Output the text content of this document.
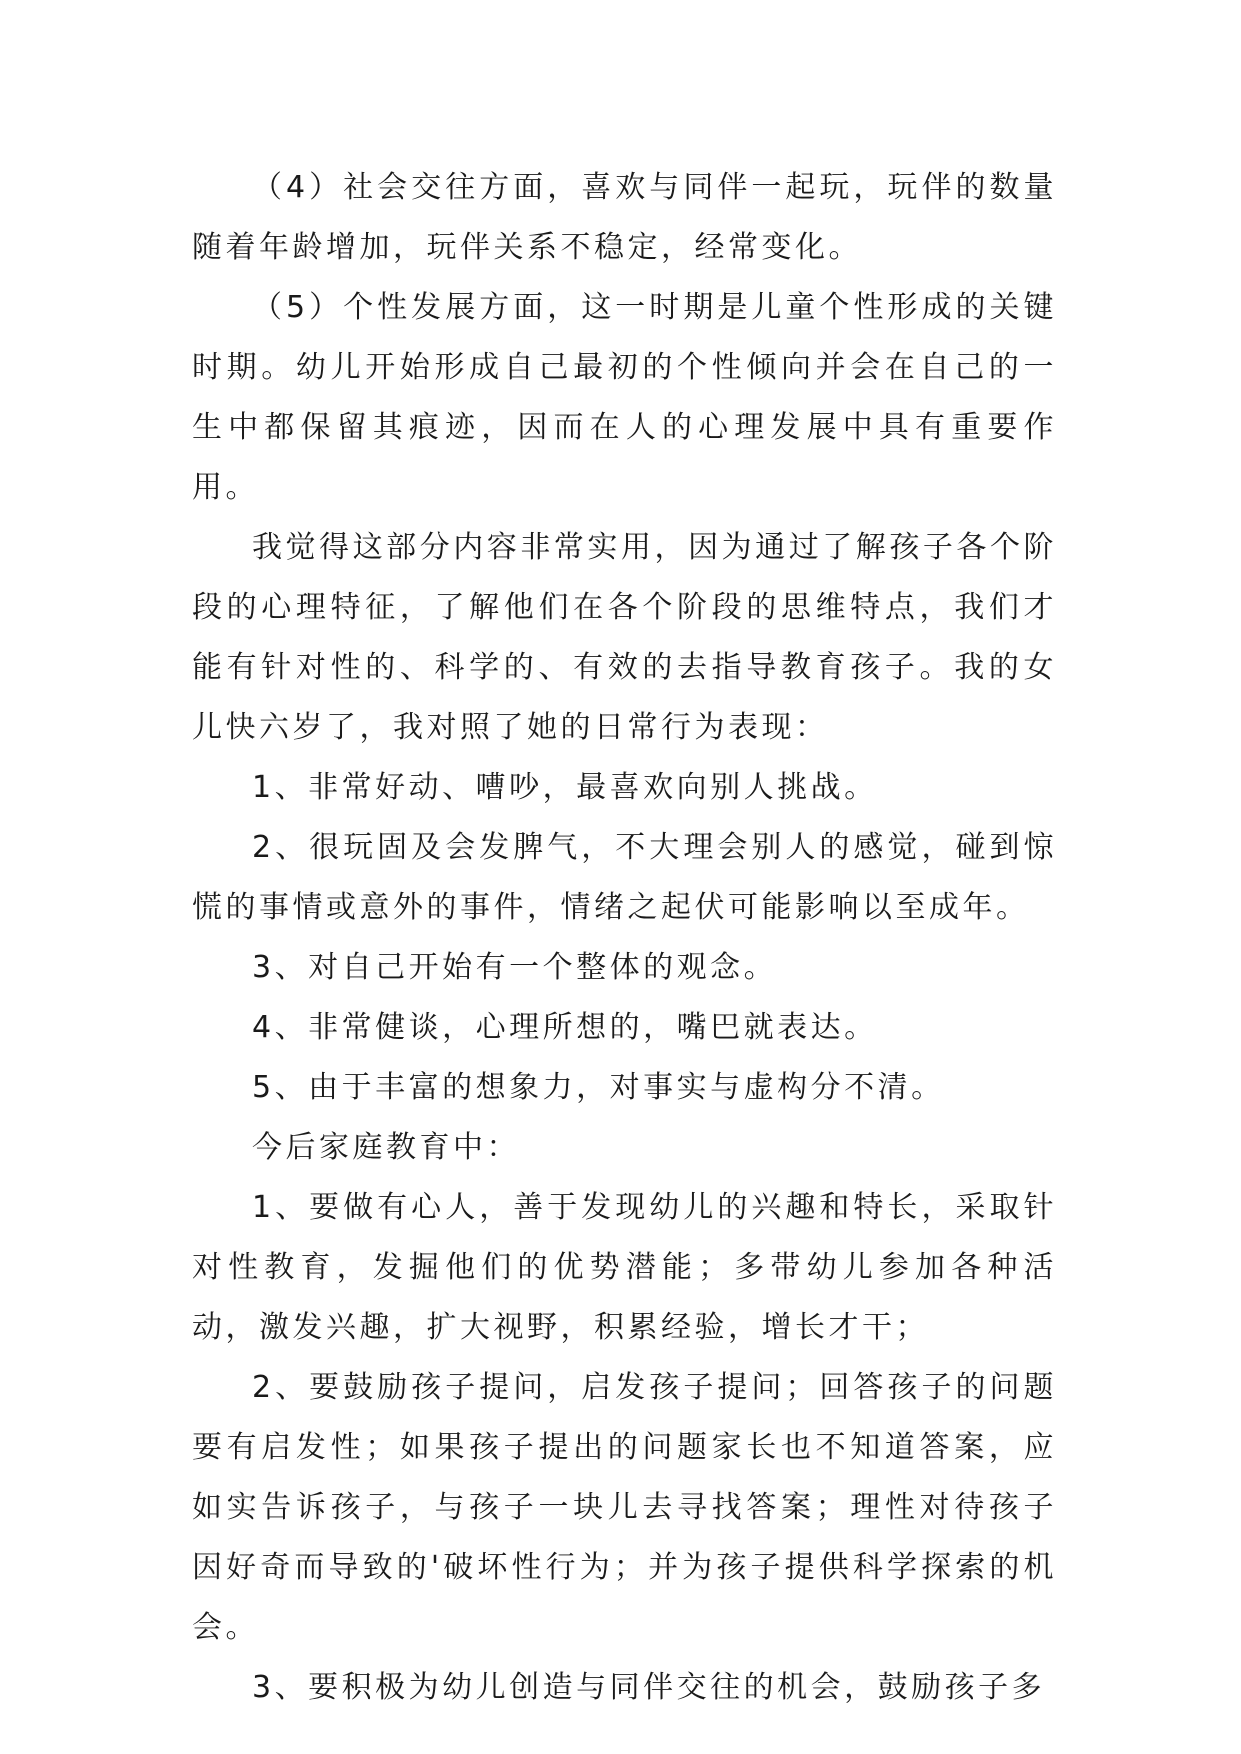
（4）社会交往方面，喜欢与同伴一起玩，玩伴的数量随着年龄增加，玩伴关系不稳定，经常变化。

（5）个性发展方面，这一时期是儿童个性形成的关键时期。幼儿开始形成自己最初的个性倾向并会在自己的一生中都保留其痕迹，因而在人的心理发展中具有重要作用。

我觉得这部分内容非常实用，因为通过了解孩子各个阶段的心理特征，了解他们在各个阶段的思维特点，我们才能有针对性的、科学的、有效的去指导教育孩子。我的女儿快六岁了，我对照了她的日常行为表现：

1、非常好动、嘈吵，最喜欢向别人挑战。

2、很玩固及会发脾气，不大理会别人的感觉，碰到惊慌的事情或意外的事件，情绪之起伏可能影响以至成年。

3、对自己开始有一个整体的观念。

4、非常健谈，心理所想的，嘴巴就表达。

5、由于丰富的想象力，对事实与虚构分不清。

今后家庭教育中：

1、要做有心人，善于发现幼儿的兴趣和特长，采取针对性教育，发掘他们的优势潜能；多带幼儿参加各种活动，激发兴趣，扩大视野，积累经验，增长才干；

2、要鼓励孩子提问，启发孩子提问；回答孩子的问题要有启发性；如果孩子提出的问题家长也不知道答案，应如实告诉孩子，与孩子一块儿去寻找答案；理性对待孩子因好奇而导致的'破坏性行为；并为孩子提供科学探索的机会。

3、要积极为幼儿创造与同伴交往的机会，鼓励孩子多
